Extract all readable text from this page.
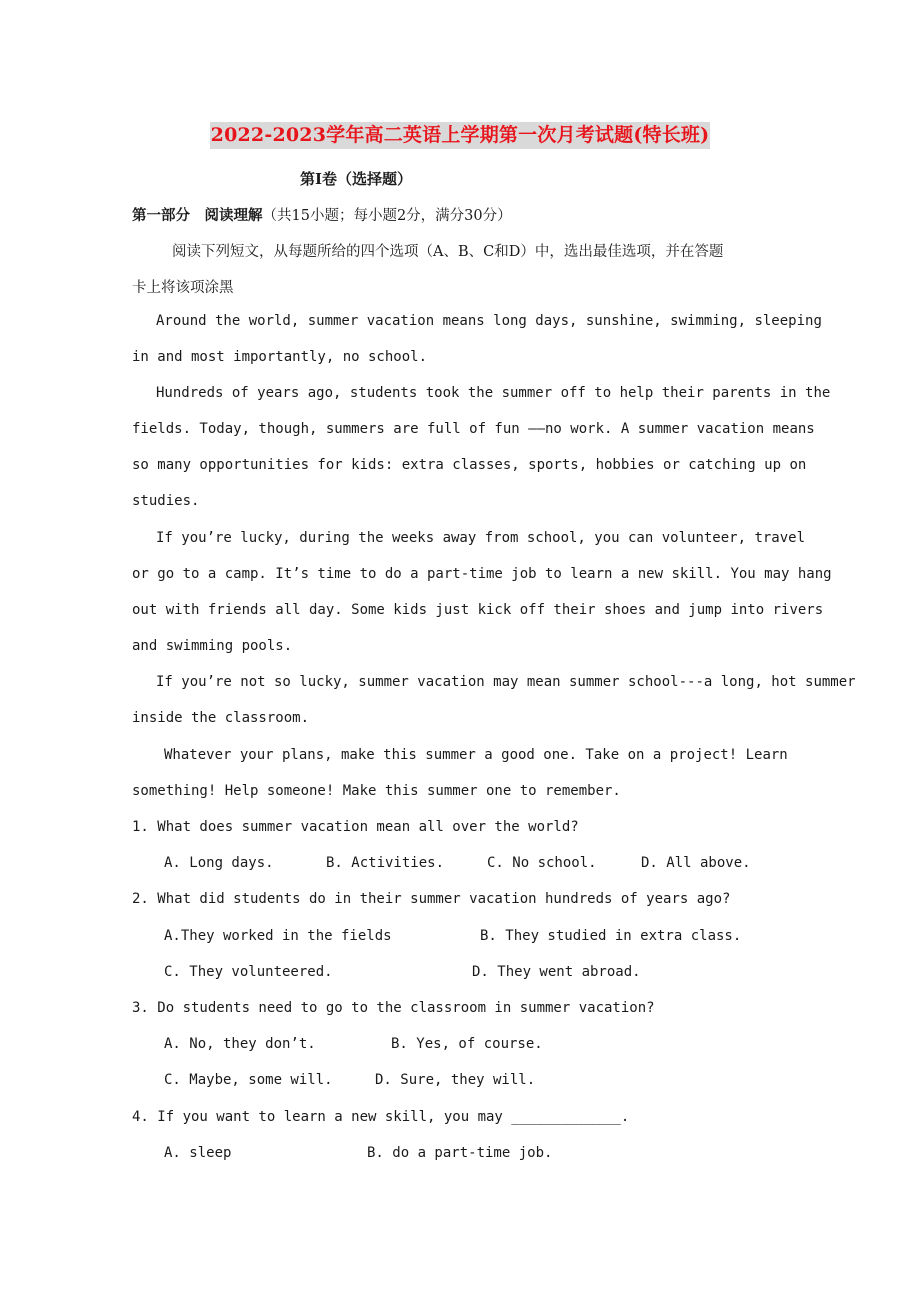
2022-2023学年高二英语上学期第一次月考试题(特长班)
第Ⅰ卷（选择题）
第一部分　阅读理解（共15小题；每小题2分，满分30分）
阅读下列短文，从每题所给的四个选项（A、B、C和D）中，选出最佳选项，并在答题
卡上将该项涂黑
Around the world, summer vacation means long days, sunshine, swimming, sleeping
in and most importantly, no school.
Hundreds of years ago, students took the summer off to help their parents in the
fields. Today, though, summers are full of fun ——no work. A summer vacation means
so many opportunities for kids: extra classes, sports, hobbies or catching up on
studies.
If you’re lucky, during the weeks away from school, you can volunteer, travel
or go to a camp. It’s time to do a part-time job to learn a new skill. You may hang
out with friends all day. Some kids just kick off their shoes and jump into rivers
and swimming pools.
If you’re not so lucky, summer vacation may mean summer school---a long, hot summer
inside the classroom.
Whatever your plans, make this summer a good one. Take on a project! Learn
something! Help someone! Make this summer one to remember.
1. What does summer vacation mean all over the world?
A. Long days.	B. Activities.	C. No school.	D. All above.
2. What did students do in their summer vacation hundreds of years ago?
A.They worked in the fields	B. They studied in extra class.
C. They volunteered.	D. They went abroad.
3. Do students need to go to the classroom in summer vacation?
A. No, they don’t.	B. Yes, of course.
C. Maybe, some will.	D. Sure, they will.
4. If you want to learn a new skill, you may _____________.
A. sleep	B. do a part-time job.
